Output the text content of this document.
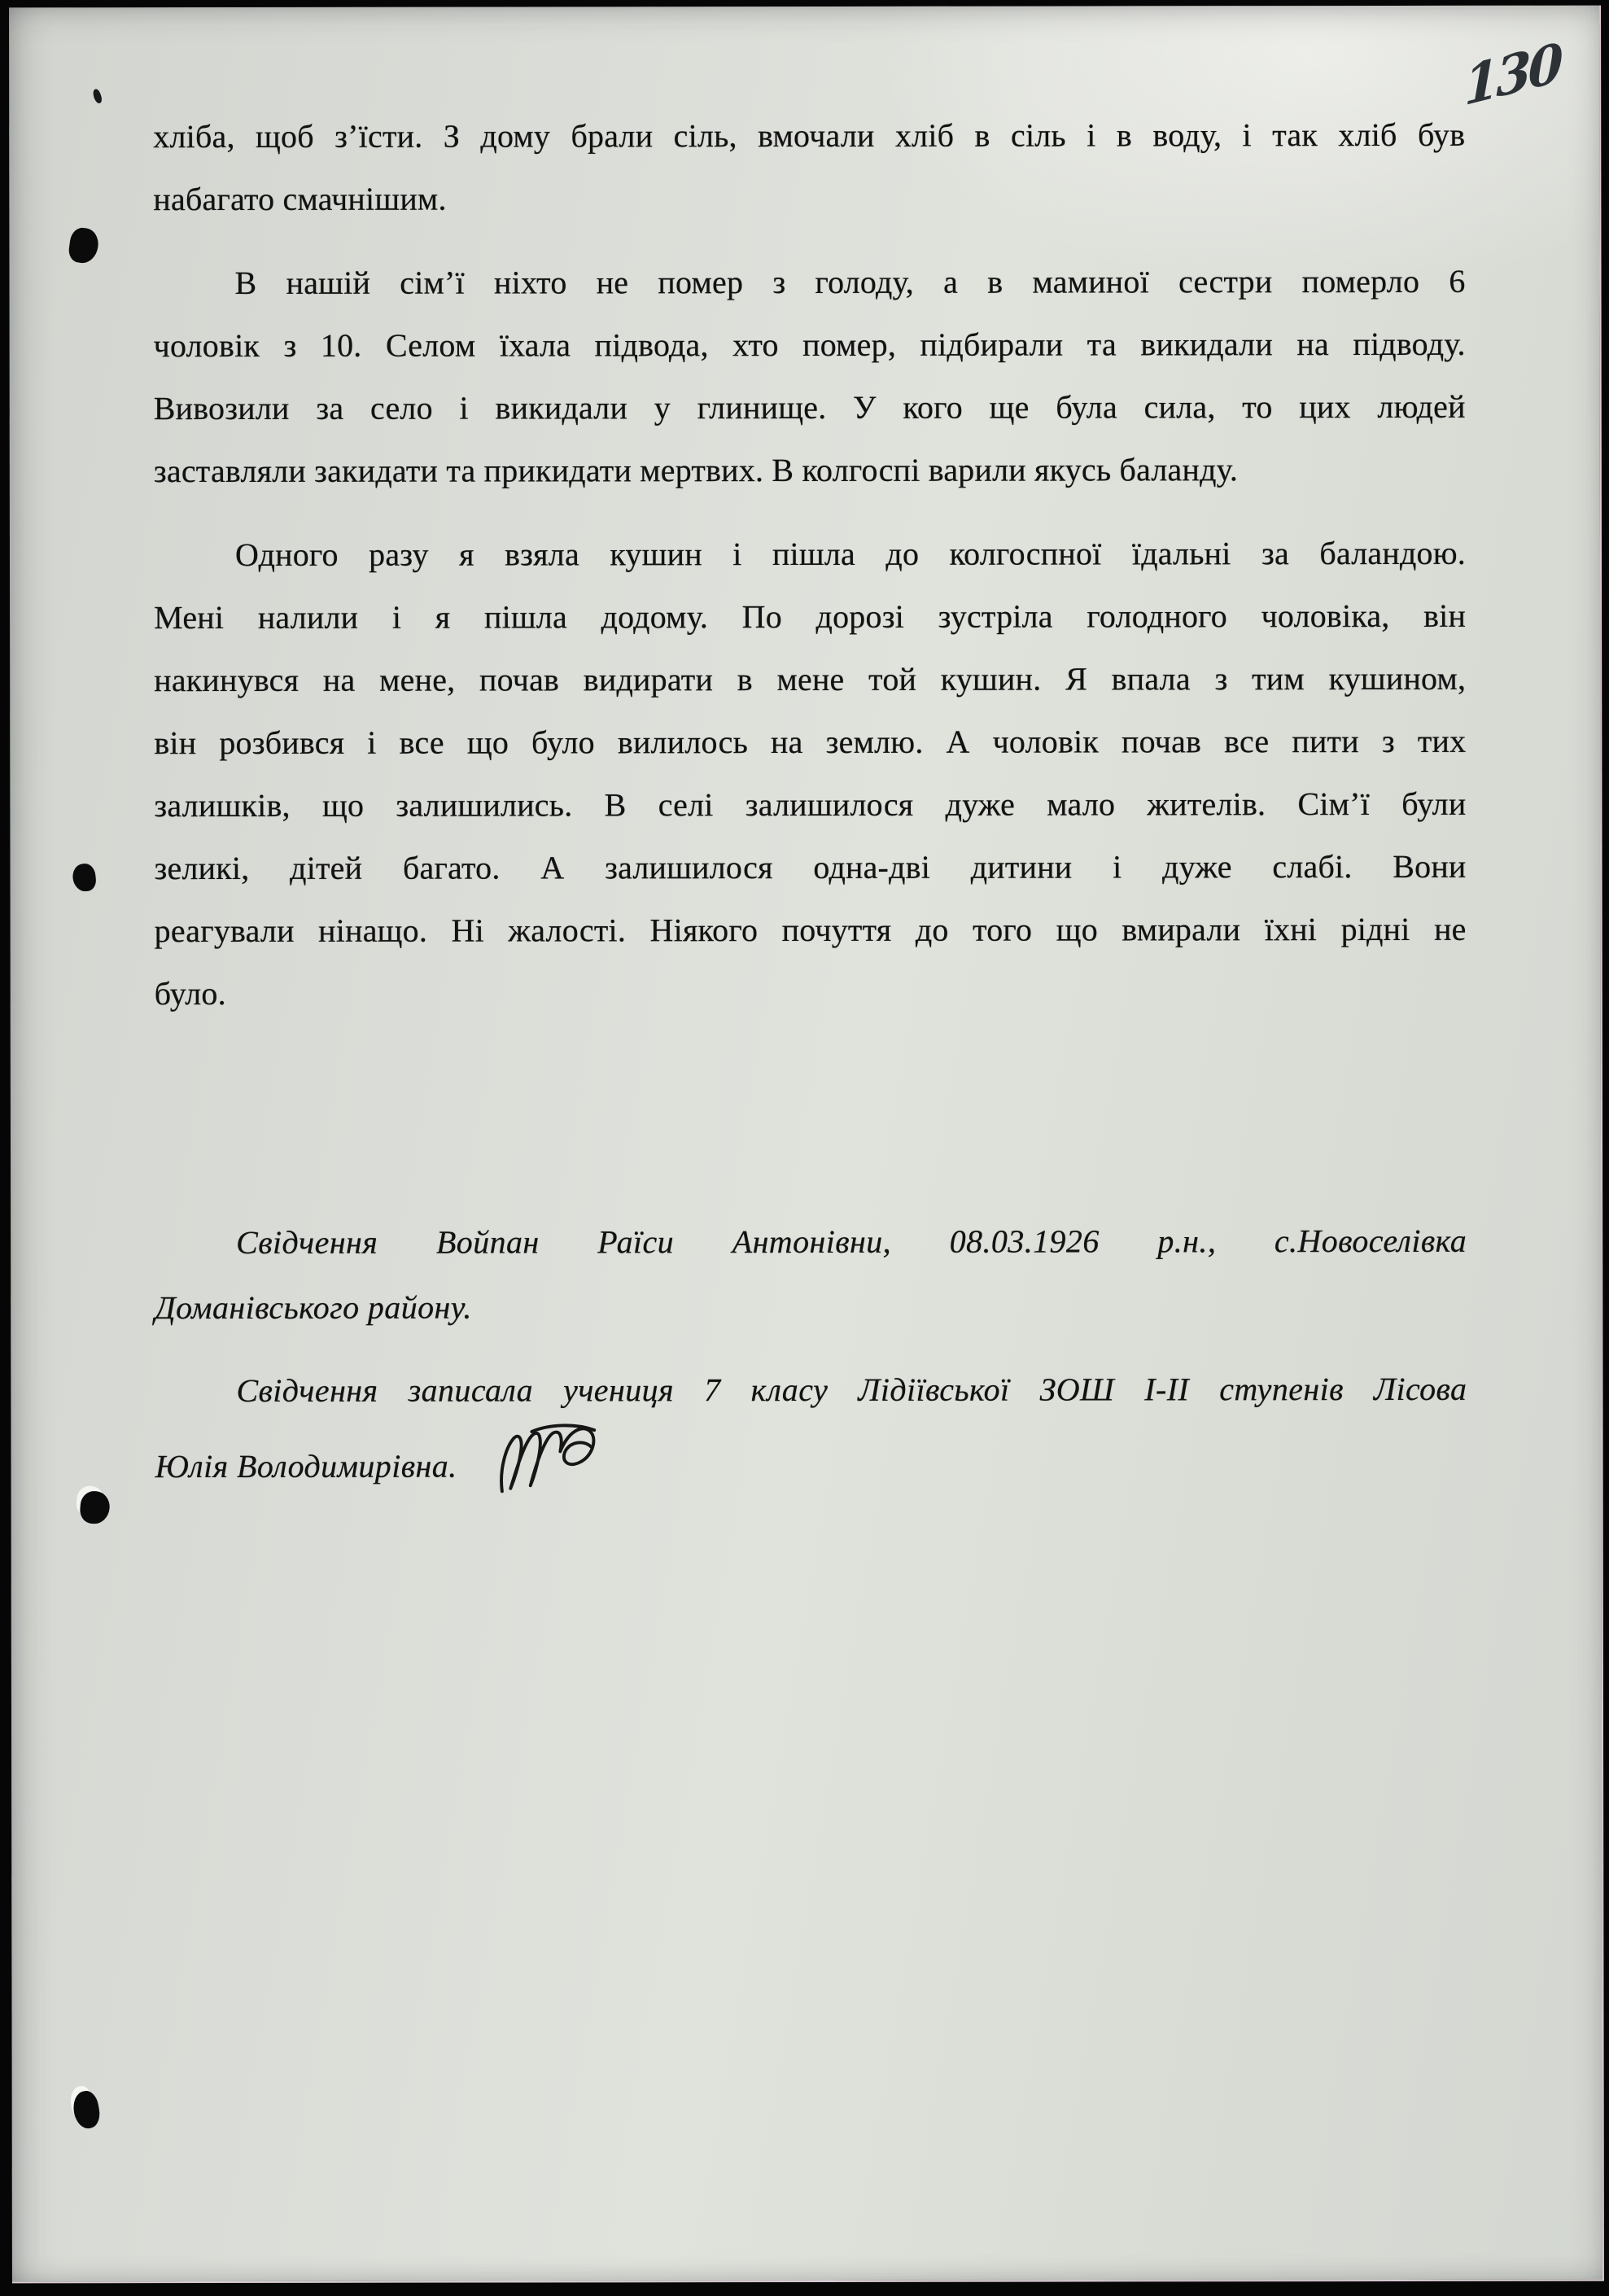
130
хліба, щоб з’їсти. З дому брали сіль, вмочали хліб в сіль і в воду, і так хліб був
набагато смачнішим.
В нашій сім’ї ніхто не помер з голоду, а в маминої сестри померло 6
чоловік з 10. Селом їхала підвода, хто помер, підбирали та викидали на підводу.
Вивозили за село і викидали у глинище. У кого ще була сила, то цих людей
заставляли закидати та прикидати мертвих. В колгоспі варили якусь баланду.
Одного разу я взяла кушин і пішла до колгоспної їдальні за баландою.
Мені налили і я пішла додому. По дорозі зустріла голодного чоловіка, він
накинувся на мене, почав видирати в мене той кушин. Я впала з тим кушином,
він розбився і все що було вилилось на землю. А чоловік почав все пити з тих
залишків, що залишились. В селі залишилося дуже мало жителів. Сім’ї були
зеликі, дітей багато. А залишилося одна-дві дитини і дуже слабі. Вони
реагували нінащо. Ні жалості. Ніякого почуття до того що вмирали їхні рідні не
було.
Свідчення Войпан Раїси Антонівни, 08.03.1926 р.н., с.Новоселівка
Доманівського району.
Свідчення записала учениця 7 класу Лідіївської ЗОШ І-ІІ ступенів Лісова
Юлія Володимирівна.
